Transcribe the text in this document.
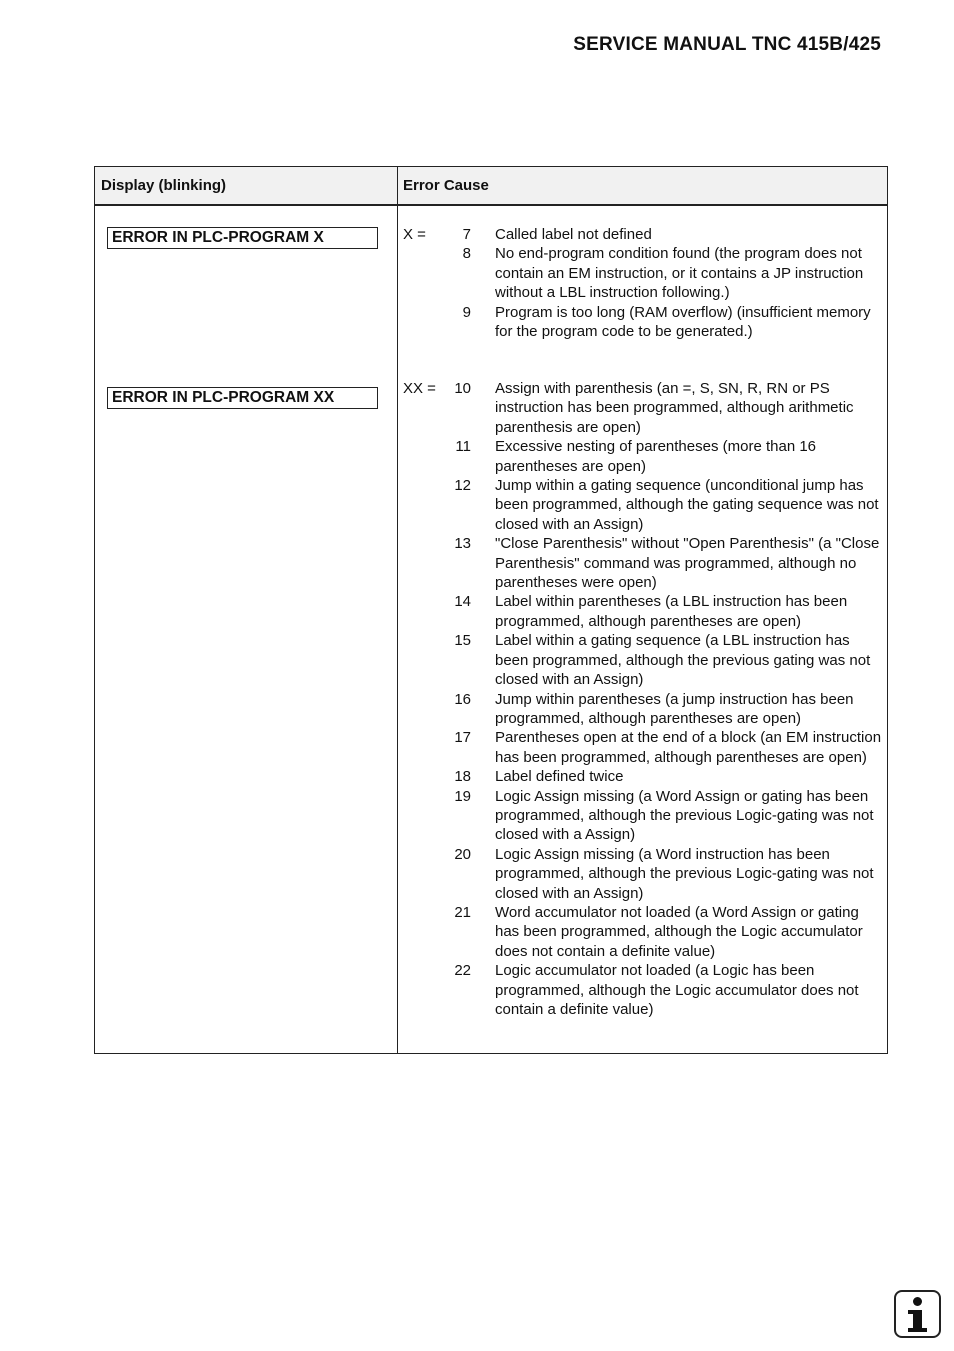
SERVICE MANUAL TNC 415B/425
Display (blinking)	Error Cause
ERROR IN PLC-PROGRAM X	X =	7 Called label not defined
8 No end-program condition found (the program does not contain an EM instruction, or it contains a JP instruction without a LBL instruction following.)
9 Program is too long (RAM overflow) (insufficient memory for the program code to be generated.)
ERROR IN PLC-PROGRAM XX
XX =	10 Assign with parenthesis (an =, S, SN, R, RN or PS instruction has been programmed, although arithmetic parenthesis are open)
11 Excessive nesting of parentheses (more than 16 parentheses are open)
12 Jump within a gating sequence (unconditional jump has been programmed, although the gating sequence was not closed with an Assign)
13 "Close Parenthesis" without "Open Parenthesis" (a "Close Parenthesis" command was programmed, although no parentheses were open)
14 Label within parentheses (a LBL instruction has been programmed, although parentheses are open)
15 Label within a gating sequence (a LBL instruction has been programmed, although the previous gating was not closed with an Assign)
16 Jump within parentheses (a jump instruction has been programmed, although parentheses are open)
17 Parentheses open at the end of a block (an EM instruction has been programmed, although parentheses are open)
18 Label defined twice
19 Logic Assign missing (a Word Assign or gating has been programmed, although the previous Logic-gating was not closed with a Assign)
20 Logic Assign missing (a Word instruction has been programmed, although the previous Logic-gating was not closed with an Assign)
21 Word accumulator not loaded (a Word Assign or gating has been programmed, although the Logic accumulator does not contain a definite value)
22 Logic accumulator not loaded (a Logic has been programmed, although the Logic accumulator does not contain a definite value)
